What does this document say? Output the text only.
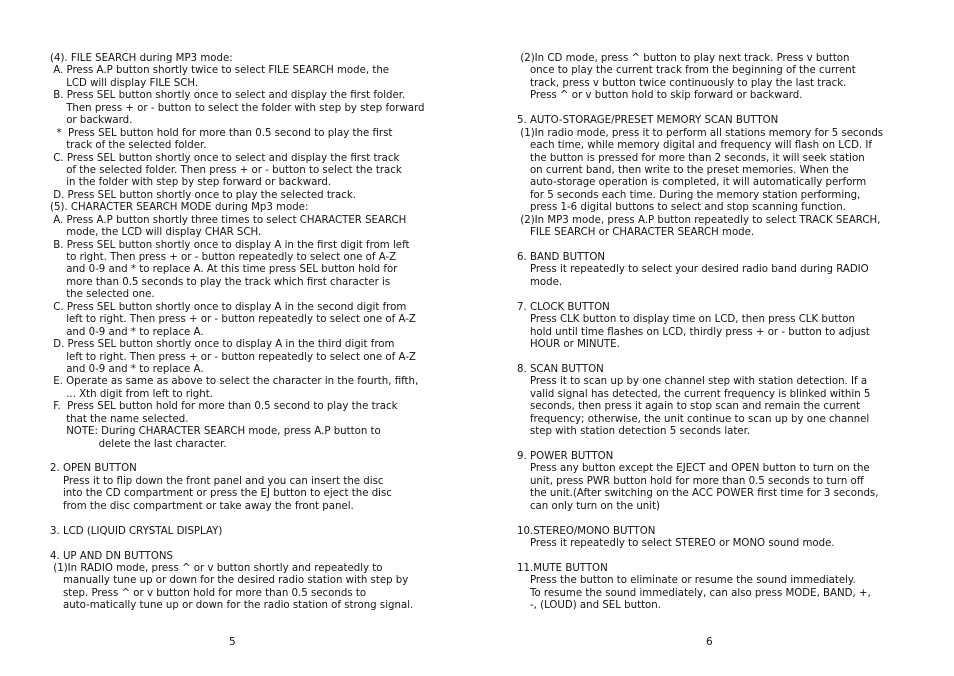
(4). FILE SEARCH during MP3 mode:
A. Press A.P button shortly twice to select FILE SEARCH mode, the
LCD will display FILE SCH.
B. Press SEL button shortly once to select and display the first folder.
Then press + or - button to select the folder with step by step forward
or backward.
*  Press SEL button hold for more than 0.5 second to play the first
track of the selected folder.
C. Press SEL button shortly once to select and display the first track
of the selected folder. Then press + or - button to select the track
in the folder with step by step forward or backward.
D. Press SEL button shortly once to play the selected track.
(5). CHARACTER SEARCH MODE during Mp3 mode:
A. Press A.P button shortly three times to select CHARACTER SEARCH
mode, the LCD will display CHAR SCH.
B. Press SEL button shortly once to display A in the first digit from left
to right. Then press + or - button repeatedly to select one of A-Z
and 0-9 and * to replace A. At this time press SEL button hold for
more than 0.5 seconds to play the track which first character is
the selected one.
C. Press SEL button shortly once to display A in the second digit from
left to right. Then press + or - button repeatedly to select one of A-Z
and 0-9 and * to replace A.
D. Press SEL button shortly once to display A in the third digit from
left to right. Then press + or - button repeatedly to select one of A-Z
and 0-9 and * to replace A.
E. Operate as same as above to select the character in the fourth, fifth,
... Xth digit from left to right.
F.  Press SEL button hold for more than 0.5 second to play the track
that the name selected.
NOTE: During CHARACTER SEARCH mode, press A.P button to
delete the last character.
2. OPEN BUTTON
Press it to flip down the front panel and you can insert the disc
into the CD compartment or press the EJ button to eject the disc
from the disc compartment or take away the front panel.
3. LCD (LIQUID CRYSTAL DISPLAY)
4. UP AND DN BUTTONS
(1)In RADIO mode, press ^ or v button shortly and repeatedly to
manually tune up or down for the desired radio station with step by
step. Press ^ or v button hold for more than 0.5 seconds to
auto-matically tune up or down for the radio station of strong signal.
(2)In CD mode, press ^ button to play next track. Press v button
once to play the current track from the beginning of the current
track, press v button twice continuously to play the last track.
Press ^ or v button hold to skip forward or backward.
5. AUTO-STORAGE/PRESET MEMORY SCAN BUTTON
(1)In radio mode, press it to perform all stations memory for 5 seconds
each time, while memory digital and frequency will flash on LCD. If
the button is pressed for more than 2 seconds, it will seek station
on current band, then write to the preset memories. When the
auto-storage operation is completed, it will automatically perform
for 5 seconds each time. During the memory station performing,
press 1-6 digital buttons to select and stop scanning function.
(2)In MP3 mode, press A.P button repeatedly to select TRACK SEARCH,
FILE SEARCH or CHARACTER SEARCH mode.
6. BAND BUTTON
Press it repeatedly to select your desired radio band during RADIO
mode.
7. CLOCK BUTTON
Press CLK button to display time on LCD, then press CLK button
hold until time flashes on LCD, thirdly press + or - button to adjust
HOUR or MINUTE.
8. SCAN BUTTON
Press it to scan up by one channel step with station detection. If a
valid signal has detected, the current frequency is blinked within 5
seconds, then press it again to stop scan and remain the current
frequency; otherwise, the unit continue to scan up by one channel
step with station detection 5 seconds later.
9. POWER BUTTON
Press any button except the EJECT and OPEN button to turn on the
unit, press PWR button hold for more than 0.5 seconds to turn off
the unit.(After switching on the ACC POWER first time for 3 seconds,
can only turn on the unit)
10.STEREO/MONO BUTTON
Press it repeatedly to select STEREO or MONO sound mode.
11.MUTE BUTTON
Press the button to eliminate or resume the sound immediately.
To resume the sound immediately, can also press MODE, BAND, +,
-, (LOUD) and SEL button.
5	6
